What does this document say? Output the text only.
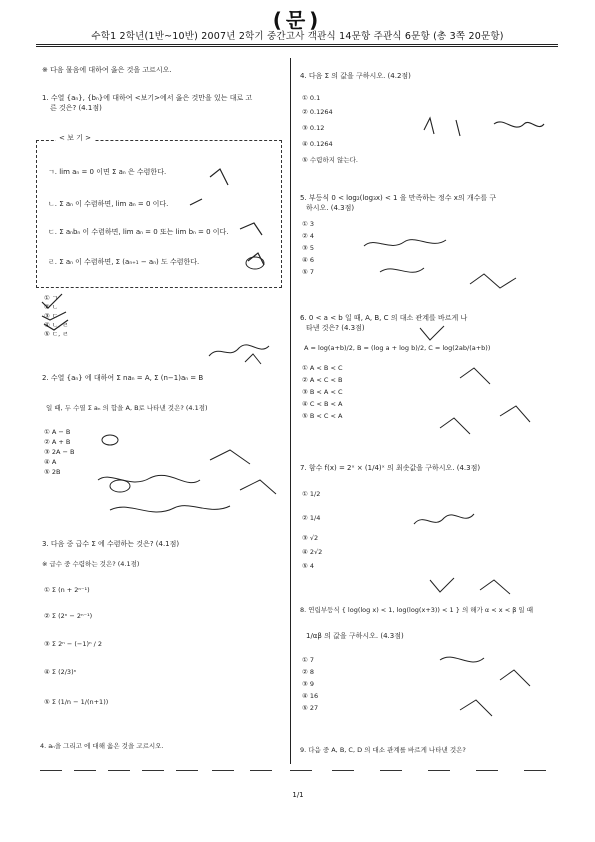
(문)
수학1 2학년(1반~10반) 2007년 2학기 중간고사 객관식 14문항 주관식 6문항 (총 3쪽 20문항)
※ 다음 물음에 대하여 옳은 것을 고르시오.
1. 수열 {aₙ}, {bₙ}에 대하여 <보기>에서 옳은 것만을 있는 대로 고
른 것은? (4.1점)
< 보 기 >
ㄱ. lim aₙ = 0 이면 Σ aₙ 은 수렴한다.
ㄴ. Σ aₙ 이 수렴하면, lim aₙ = 0 이다.
ㄷ. Σ aₙbₙ 이 수렴하면, lim aₙ = 0 또는 lim bₙ = 0 이다.
ㄹ. Σ aₙ 이 수렴하면, Σ (aₙ₊₁ − aₙ) 도 수렴한다.
① ㄱ
② ㄴ
③ ㄷ
④ ㄴ, ㄹ
⑤ ㄷ, ㄹ
2. 수열 {aₙ} 에 대하여 Σ naₙ = A, Σ (n−1)aₙ = B
일 때, 두 수열 Σ aₙ 의 합을 A, B로 나타낸 것은? (4.1점)
① A − B
② A + B
③ 2A − B
④ A
⑤ 2B
3. 다음 중 급수 Σ 에 수렴하는 것은? (4.1점)
※ 급수 중 수렴하는 것은? (4.1점)
① Σ (n + 2ⁿ⁻¹)
② Σ (2ⁿ − 2ⁿ⁻¹)
③ Σ 2ⁿ − (−1)ⁿ / 2
④ Σ (2/3)ⁿ
⑤ Σ (1/n − 1/(n+1))
4. aₙ을 그리고 에 대해 옳은 것을 고르시오.
4. 다음 Σ 의 값을 구하시오. (4.2점)
① 0.1
② 0.1264
③ 0.12
④ 0.1264
⑤ 수렴하지 않는다.
5. 부등식 0 < log₂(log₃x) < 1 을 만족하는 정수 x의 개수를 구
하시오. (4.3점)
① 3
② 4
③ 5
④ 6
⑤ 7
6. 0 < a < b 일 때, A, B, C 의 대소 관계를 바르게 나
타낸 것은? (4.3점)
A = log(a+b)/2, B = (log a + log b)/2, C = log(2ab/(a+b))
① A < B < C
② A < C < B
③ B < A < C
④ C < B < A
⑤ B < C < A
7. 함수 f(x) = 2ˣ × (1/4)ˣ 의 최솟값을 구하시오. (4.3점)
① 1/2
② 1/4
③ √2
④ 2√2
⑤ 4
8. 연립부등식 { log(log x) < 1, log(log(x+3)) < 1 } 의 해가 α < x < β 일 때
1/αβ 의 값을 구하시오. (4.3점)
① 7
② 8
③ 9
④ 16
⑤ 27
9. 다음 중 A, B, C, D 의 대소 관계를 바르게 나타낸 것은?
1/1
